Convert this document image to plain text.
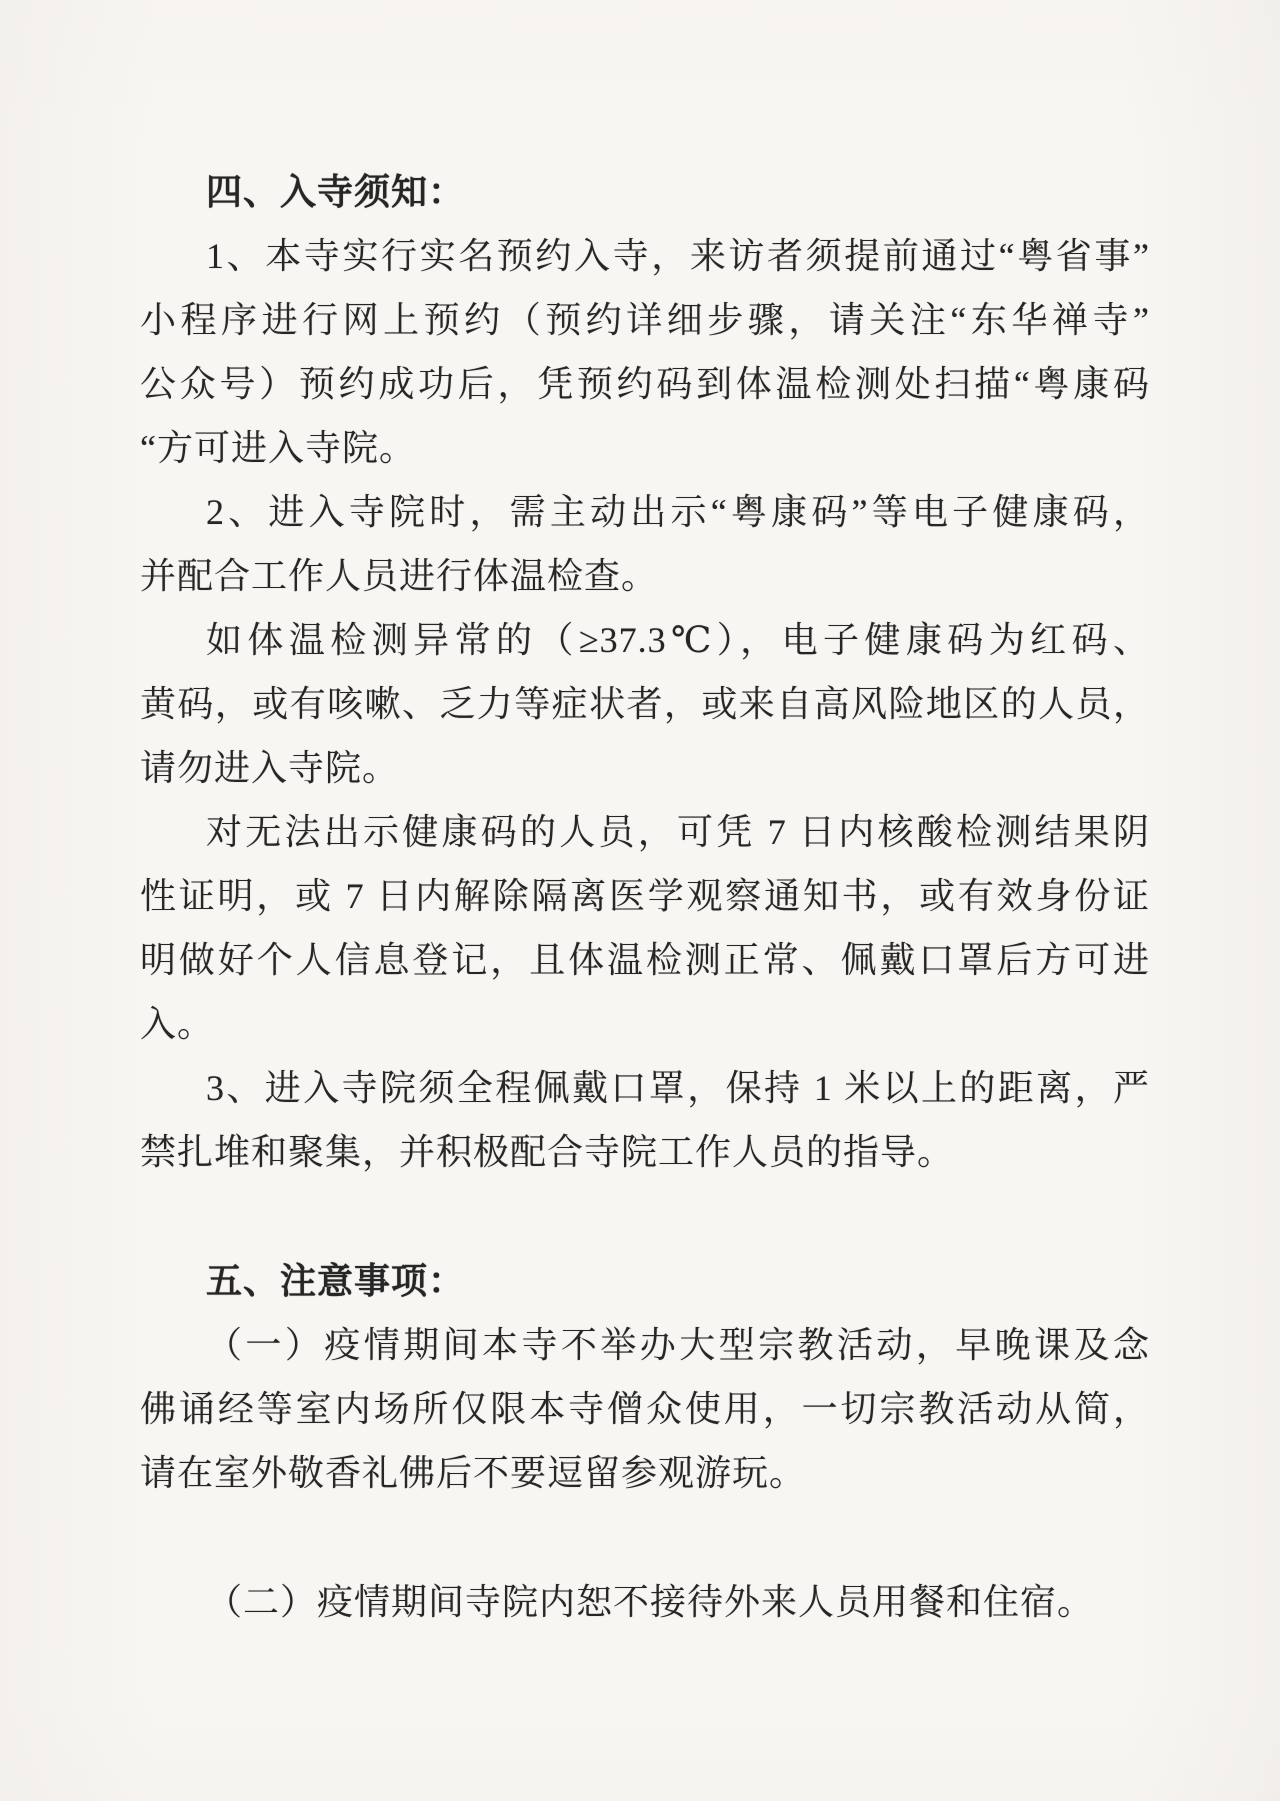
四、入寺须知：
1、本寺实行实名预约入寺，来访者须提前通过“粤省事”
小程序进行网上预约（预约详细步骤，请关注“东华禅寺”
公众号）预约成功后，凭预约码到体温检测处扫描“粤康码
“方可进入寺院。
2、进入寺院时，需主动出示“粤康码”等电子健康码，
并配合工作人员进行体温检查。
如体温检测异常的（≥37.3℃），电子健康码为红码、
黄码，或有咳嗽、乏力等症状者，或来自高风险地区的人员，
请勿进入寺院。
对无法出示健康码的人员，可凭 7 日内核酸检测结果阴
性证明，或 7 日内解除隔离医学观察通知书，或有效身份证
明做好个人信息登记，且体温检测正常、佩戴口罩后方可进
入。
3、进入寺院须全程佩戴口罩，保持 1 米以上的距离，严
禁扎堆和聚集，并积极配合寺院工作人员的指导。
五、注意事项：
（一）疫情期间本寺不举办大型宗教活动，早晚课及念
佛诵经等室内场所仅限本寺僧众使用，一切宗教活动从简，
请在室外敬香礼佛后不要逗留参观游玩。
（二）疫情期间寺院内恕不接待外来人员用餐和住宿。
